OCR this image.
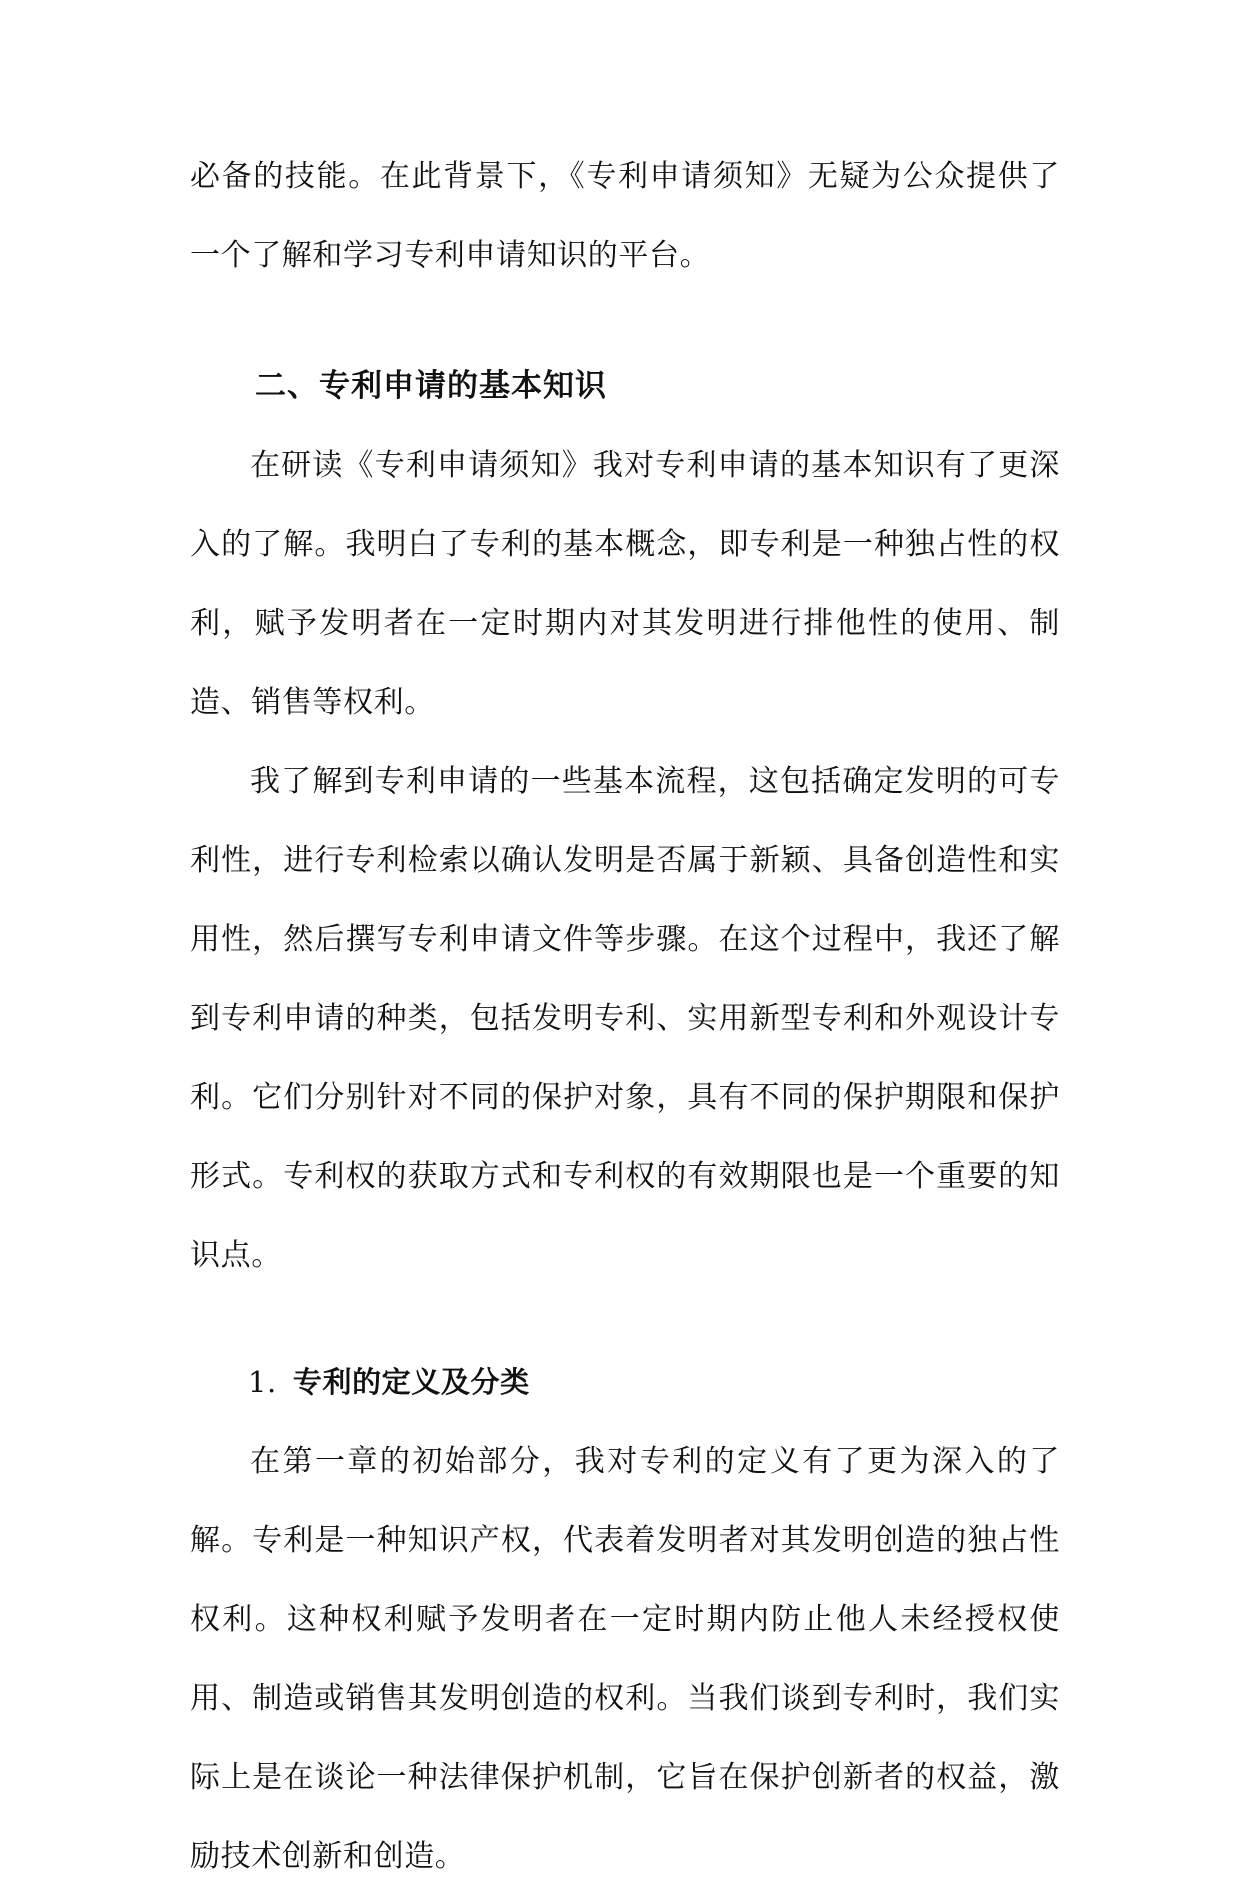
必备的技能。在此背景下，《专利申请须知》无疑为公众提供了一个了解和学习专利申请知识的平台。

二、专利申请的基本知识

在研读《专利申请须知》我对专利申请的基本知识有了更深入的了解。我明白了专利的基本概念，即专利是一种独占性的权利，赋予发明者在一定时期内对其发明进行排他性的使用、制造、销售等权利。

我了解到专利申请的一些基本流程，这包括确定发明的可专利性，进行专利检索以确认发明是否属于新颖、具备创造性和实用性，然后撰写专利申请文件等步骤。在这个过程中，我还了解到专利申请的种类，包括发明专利、实用新型专利和外观设计专利。它们分别针对不同的保护对象，具有不同的保护期限和保护形式。专利权的获取方式和专利权的有效期限也是一个重要的知识点。

1. 专利的定义及分类

在第一章的初始部分，我对专利的定义有了更为深入的了解。专利是一种知识产权，代表着发明者对其发明创造的独占性权利。这种权利赋予发明者在一定时期内防止他人未经授权使用、制造或销售其发明创造的权利。当我们谈到专利时，我们实际上是在谈论一种法律保护机制，它旨在保护创新者的权益，激励技术创新和创造。
